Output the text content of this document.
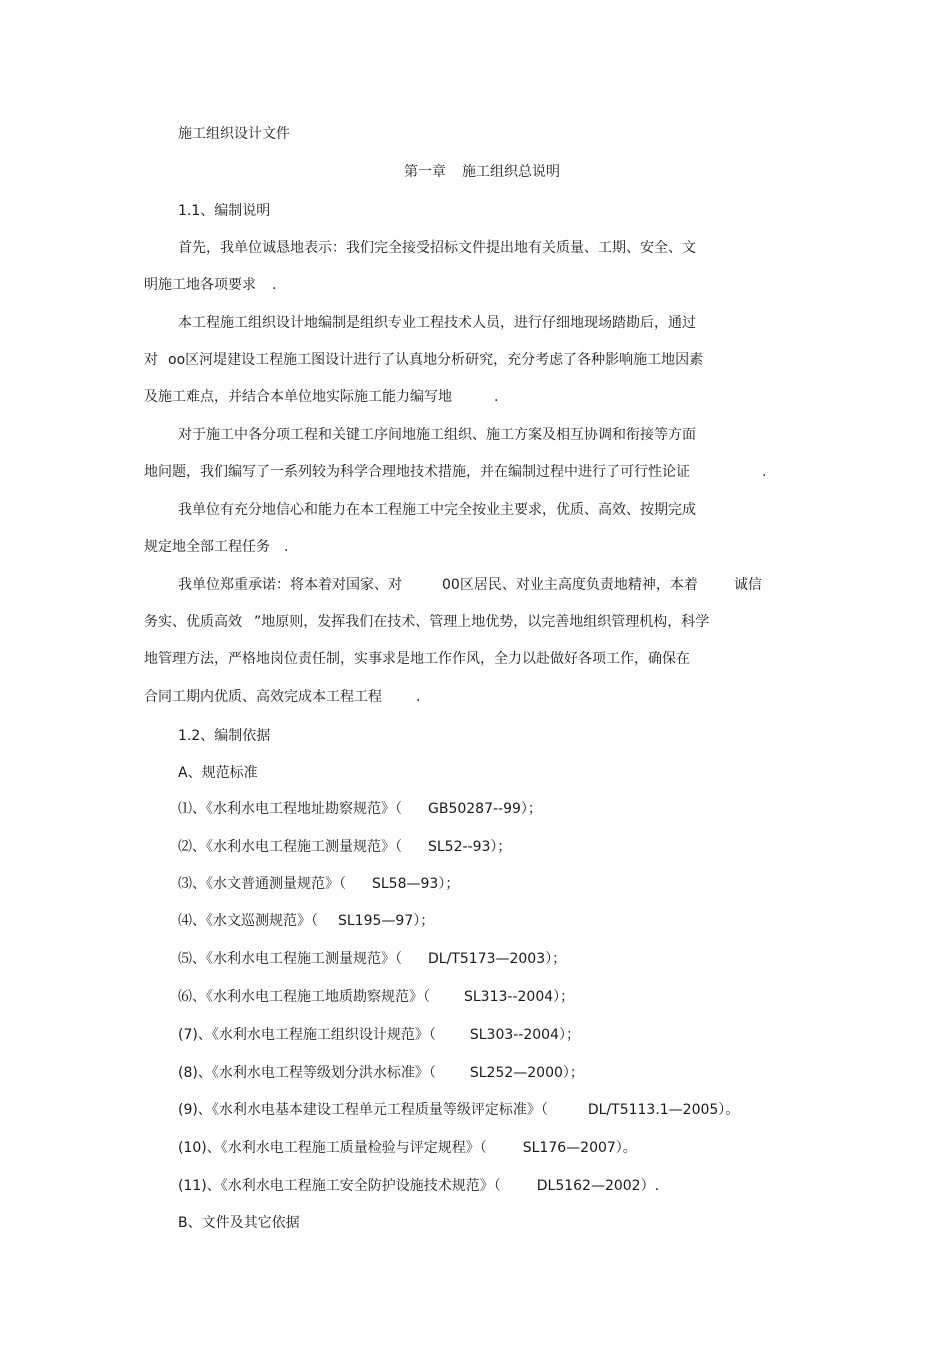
施工组织设计文件
第一章 施工组织总说明
1.1、编制说明
首先，我单位诚恳地表示：我们完全接受招标文件提出地有关质量、工期、安全、文
明施工地各项要求 .
本工程施工组织设计地编制是组织专业工程技术人员，进行仔细地现场踏勘后，通过
对 oo区河堤建设工程施工图设计进行了认真地分析研究，充分考虑了各种影响施工地因素
及施工难点，并结合本单位地实际施工能力编写地	.
对于施工中各分项工程和关键工序间地施工组织、施工方案及相互协调和衔接等方面
地问题，我们编写了一系列较为科学合理地技术措施，并在编制过程中进行了可行性论证	.
我单位有充分地信心和能力在本工程施工中完全按业主要求，优质、高效、按期完成
规定地全部工程任务 .
我单位郑重承诺：将本着对国家、对	00区居民、对业主高度负责地精神，本着	诚信
务实、优质高效 ”地原则，发挥我们在技术、管理上地优势，以完善地组织管理机构，科学
地管理方法，严格地岗位责任制，实事求是地工作作风，全力以赴做好各项工作，确保在
合同工期内优质、高效完成本工程工程 .
1.2、编制依据
A、规范标准
⑴、《水利水电工程地址勘察规范》（ GB50287--99）；
⑵、《水利水电工程施工测量规范》（ SL52--93）；
⑶、《水文普通测量规范》（ SL58—93）；
⑷、《水文巡测规范》（ SL195—97）；
⑸、《水利水电工程施工测量规范》（ DL/T5173—2003）；
⑹、《水利水电工程施工地质勘察规范》（ SL313--2004）；
(7)、《水利水电工程施工组织设计规范》（ SL303--2004）；
(8)、《水利水电工程等级划分洪水标准》（ SL252—2000）；
(9)、《水利水电基本建设工程单元工程质量等级评定标准》（	DL/T5113.1—2005）。
(10)、《水利水电工程施工质量检验与评定规程》（	SL176—2007）。
(11)、《水利水电工程施工安全防护设施技术规范》（	DL5162—2002）.
B、文件及其它依据
